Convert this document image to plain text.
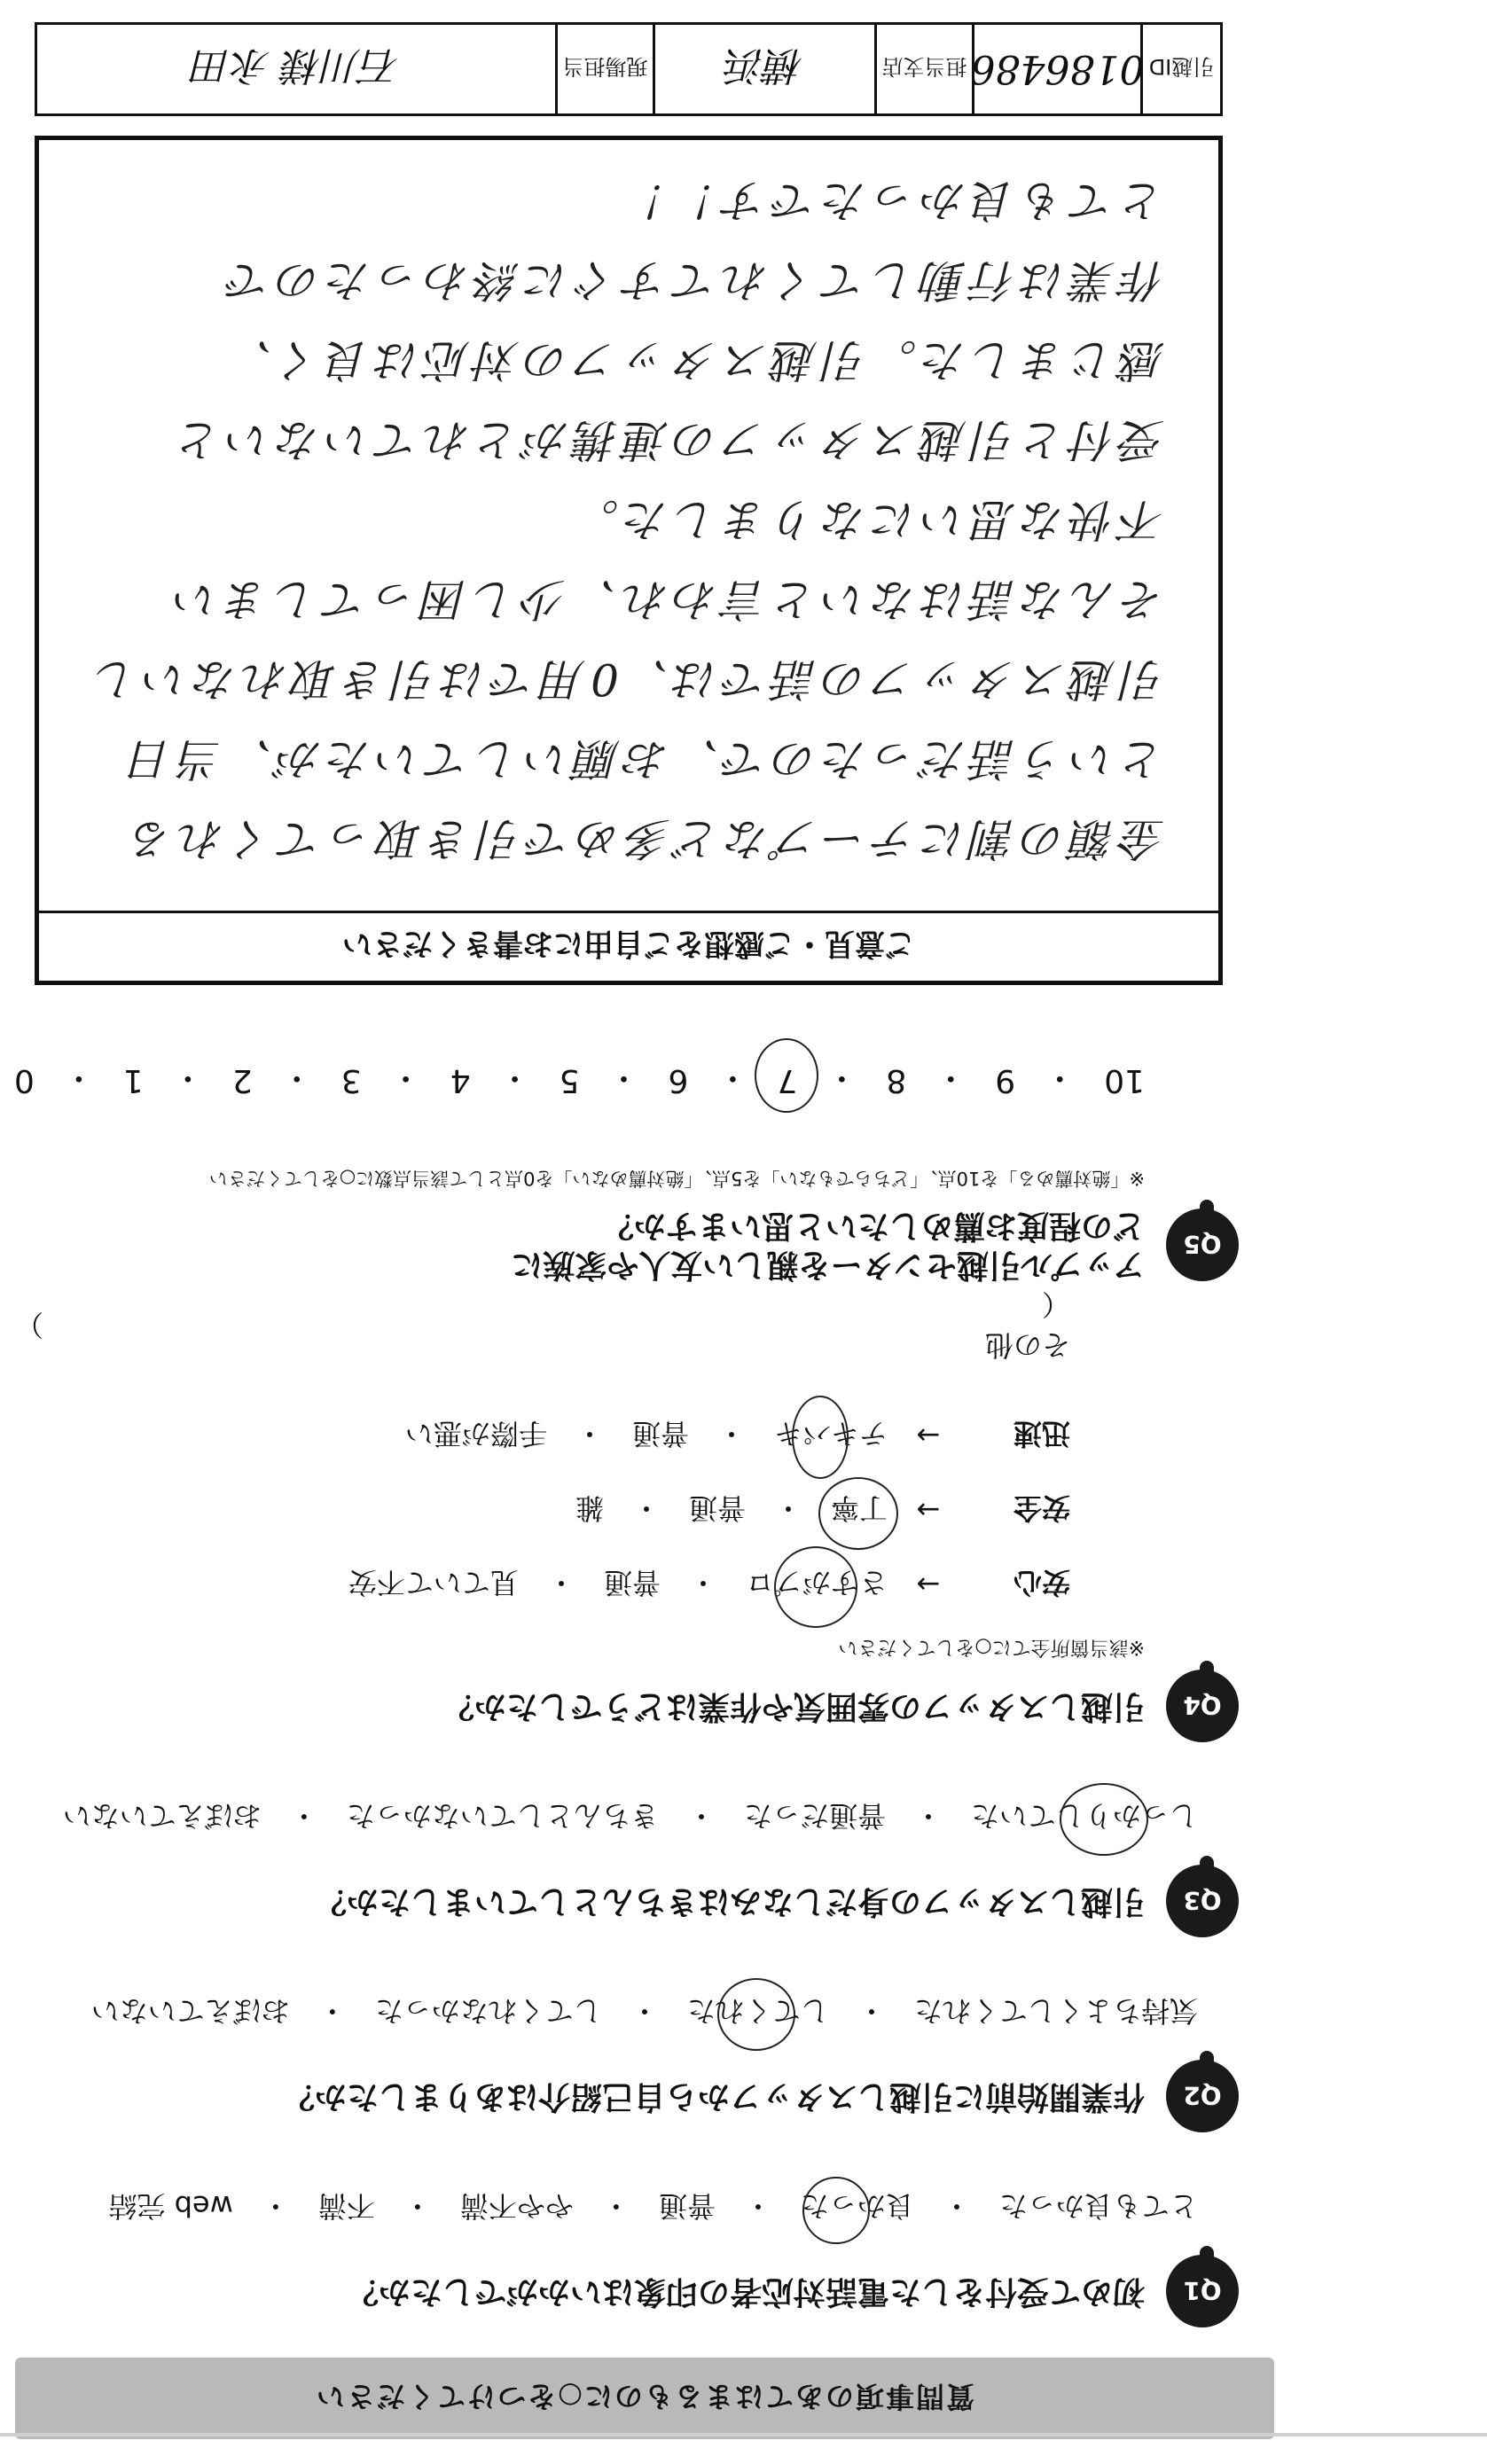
質問事項のあてはまるものに○をつけてください
Q1
初めて受付をした電話対応者の印象はいかがでしたか？
とても良かった
・
良かった
・
普通
・
やや不満
・
不満
・
web 完結
Q2
作業開始前に引越しスタッフから自己紹介はありましたか？
気持ちよくしてくれた
・
してくれた
・
してくれなかった
・
おぼえていない
Q3
引越しスタッフの身だしなみはきちんとしていましたか？
しっかりしていた
・
普通だった
・
きちんとしていなかった
・
おぼえていない
Q4
引越しスタッフの雰囲気や作業はどうでしたか？
※該当箇所全てに○をしてください
安心
→
さすがプロ
・
普通
・
見ていて不安
安全
→
丁寧
・
普通
・
雑
迅速
→
テキパキ
・
普通
・
手際が悪い
その他（
）
Q5
アップル引越センターを親しい友人や家族に
どの程度お薦めしたいと思いますか？
※「絶対薦める」を10点、「どちらでもない」を5点、「絶対薦めない」を0点として該当点数に○をしてください
10
・
9
・
8
・
7
・
6
・
5
・
4
・
3
・
2
・
1
・
0
ご意見・ご感想をご自由にお書きください
金額の割にテープなど多めで引き取ってくれる
という話だったので、お願いしていたが、当日
引越スタッフの話では、0用では引き取れないし
そんな話はないと言われ、少し困ってしまい
不快な思いになりました。
受付と引越スタッフの連携がとれていないと
感じました。引越スタッフの対応は良く、
作業は行動してくれてすぐに終わったので
とても良かったです！！
引越ID
0186486
担当支店
横浜
現場担当
石川様 永田
